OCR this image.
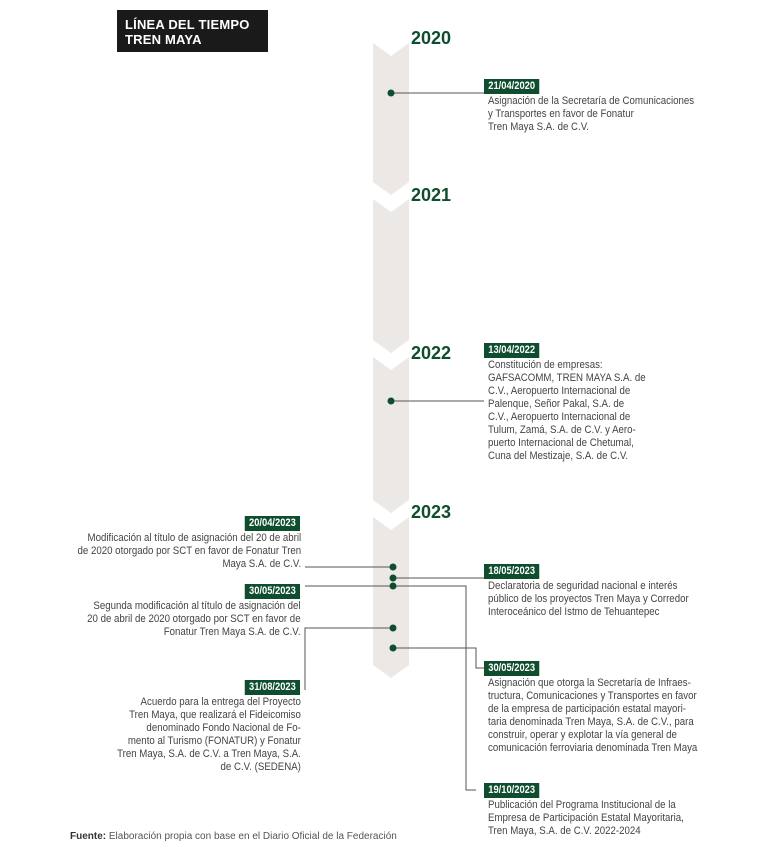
LÍNEA DEL TIEMPO
TREN MAYA	2020
2021
2022
2023
21/04/2020
Asignación de la Secretaría de Comunicaciones
y Transportes en favor de Fonatur
Tren Maya S.A. de C.V.
13/04/2022
Constitución de empresas:
GAFSACOMM, TREN MAYA S.A. de
C.V., Aeropuerto Internacional de
Palenque, Señor Pakal, S.A. de
C.V., Aeropuerto Internacional de
Tulum, Zamá, S.A. de C.V. y Aero-
puerto Internacional de Chetumal,
Cuna del Mestizaje, S.A. de C.V.
20/04/2023
Modificación al título de asignación del 20 de abril
de 2020 otorgado por SCT en favor de Fonatur Tren
Maya S.A. de C.V.
30/05/2023
Segunda modificación al título de asignación del
20 de abril de 2020 otorgado por SCT en favor de
Fonatur Tren Maya S.A. de C.V.
31/08/2023
Acuerdo para la entrega del Proyecto
Tren Maya, que realizará el Fideicomiso
denominado Fondo Nacional de Fo-
mento al Turismo (FONATUR) y Fonatur
Tren Maya, S.A. de C.V. a Tren Maya, S.A.
de C.V. (SEDENA)
18/05/2023
Declaratoria de seguridad nacional e interés
público de los proyectos Tren Maya y Corredor
Interoceánico del Istmo de Tehuantepec
30/05/2023
Asignación que otorga la Secretaría de Infraes-
tructura, Comunicaciones y Transportes en favor
de la empresa de participación estatal mayori-
taria denominada Tren Maya, S.A. de C.V., para
construir, operar y explotar la vía general de
comunicación ferroviaria denominada Tren Maya
19/10/2023
Publicación del Programa Institucional de la
Empresa de Participación Estatal Mayoritaria,
Tren Maya, S.A. de C.V. 2022-2024
Fuente: Elaboración propia con base en el Diario Oficial de la Federación
